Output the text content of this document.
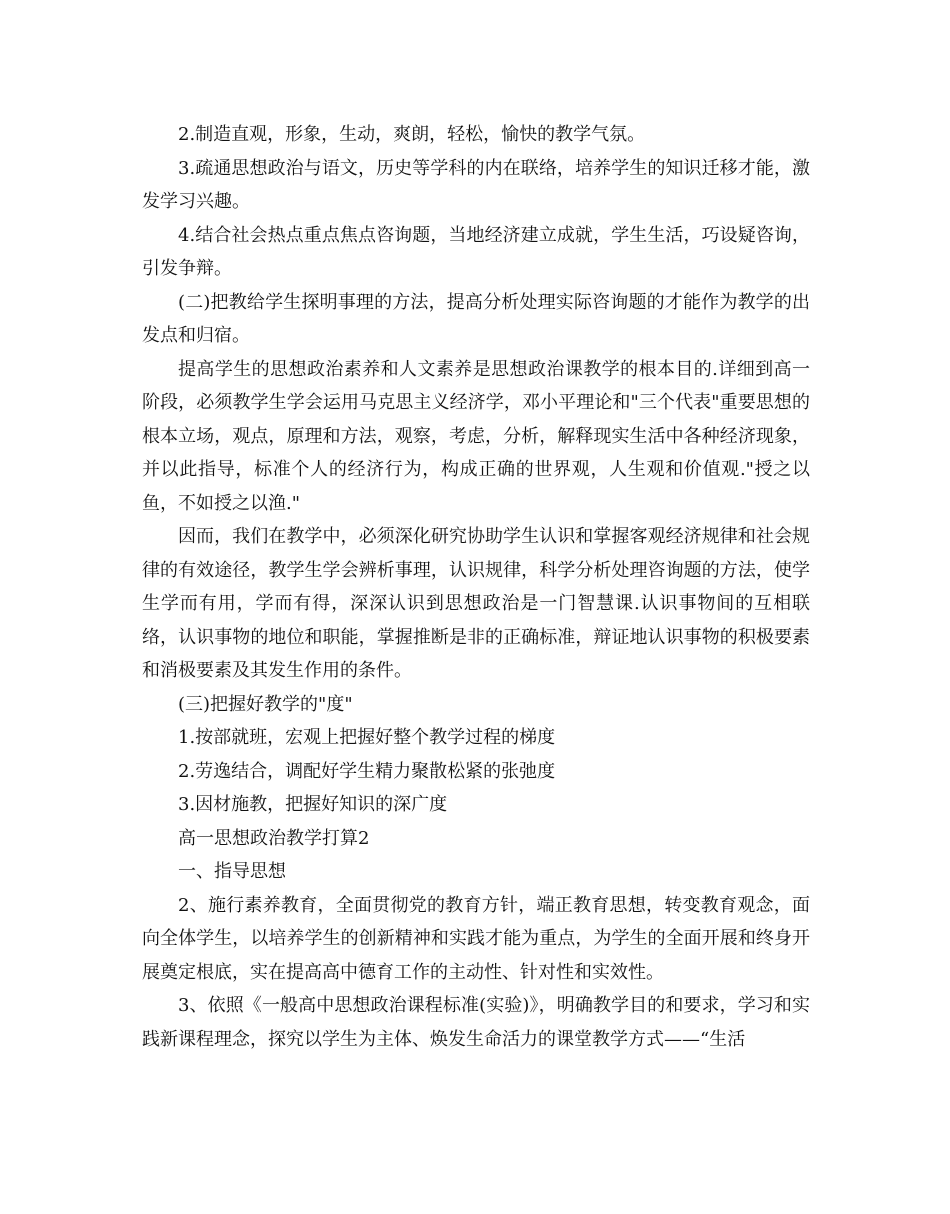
2.制造直观，形象，生动，爽朗，轻松，愉快的教学气氛。

3.疏通思想政治与语文，历史等学科的内在联络，培养学生的知识迁移才能，激发学习兴趣。

4.结合社会热点重点焦点咨询题，当地经济建立成就，学生生活，巧设疑咨询，引发争辩。

(二)把教给学生探明事理的方法，提高分析处理实际咨询题的才能作为教学的出发点和归宿。

提高学生的思想政治素养和人文素养是思想政治课教学的根本目的.详细到高一阶段，必须教学生学会运用马克思主义经济学，邓小平理论和"三个代表"重要思想的根本立场，观点，原理和方法，观察，考虑，分析，解释现实生活中各种经济现象，并以此指导，标准个人的经济行为，构成正确的世界观，人生观和价值观."授之以鱼，不如授之以渔."

因而，我们在教学中，必须深化研究协助学生认识和掌握客观经济规律和社会规律的有效途径，教学生学会辨析事理，认识规律，科学分析处理咨询题的方法，使学生学而有用，学而有得，深深认识到思想政治是一门智慧课.认识事物间的互相联络，认识事物的地位和职能，掌握推断是非的正确标准，辩证地认识事物的积极要素和消极要素及其发生作用的条件。

(三)把握好教学的"度"

1.按部就班，宏观上把握好整个教学过程的梯度

2.劳逸结合，调配好学生精力聚散松紧的张弛度

3.因材施教，把握好知识的深广度

高一思想政治教学打算2

一、指导思想

2、施行素养教育，全面贯彻党的教育方针，端正教育思想，转变教育观念，面向全体学生，以培养学生的创新精神和实践才能为重点，为学生的全面开展和终身开展奠定根底，实在提高高中德育工作的主动性、针对性和实效性。

3、依照《一般高中思想政治课程标准(实验)》，明确教学目的和要求，学习和实践新课程理念，探究以学生为主体、焕发生命活力的课堂教学方式——“生活
